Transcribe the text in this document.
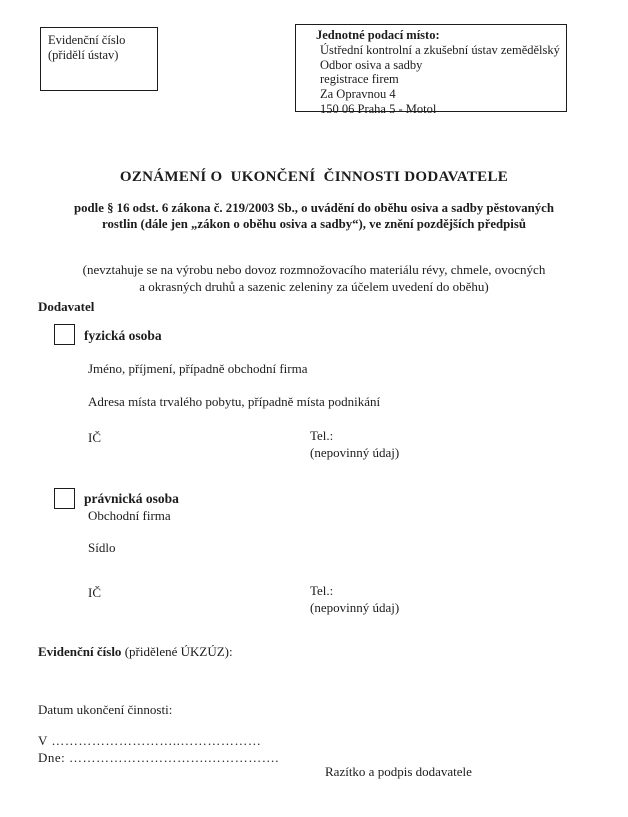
Evidenční číslo
(přidělí ústav)
Jednotné podací místo:
Ústřední kontrolní a zkušební ústav zemědělský
Odbor osiva a sadby
registrace firem
Za Opravnou 4
150 06 Praha 5 - Motol
OZNÁMENÍ O  UKONČENÍ  ČINNOSTI DODAVATELE
podle § 16 odst. 6 zákona č. 219/2003 Sb., o uvádění do oběhu osiva a sadby pěstovaných
rostlin (dále jen „zákon o oběhu osiva a sadby“), ve znění pozdějších předpisů
(nevztahuje se na výrobu nebo dovoz rozmnožovacího materiálu révy, chmele, ovocných
a okrasných druhů a sazenic zeleniny za účelem uvedení do oběhu)
Dodavatel
fyzická osoba
Jméno, příjmení, případně obchodní firma
Adresa místa trvalého pobytu, případně místa podnikání
IČ	Tel.:
(nepovinný údaj)
právnická osoba
Obchodní firma
Sídlo
IČ	Tel.:
(nepovinný údaj)
Evidenční číslo (přidělené ÚKZÚZ):
Datum ukončení činnosti:
V ………………………..………………
Dne: ………………………….…………….
Razítko a podpis dodavatele
